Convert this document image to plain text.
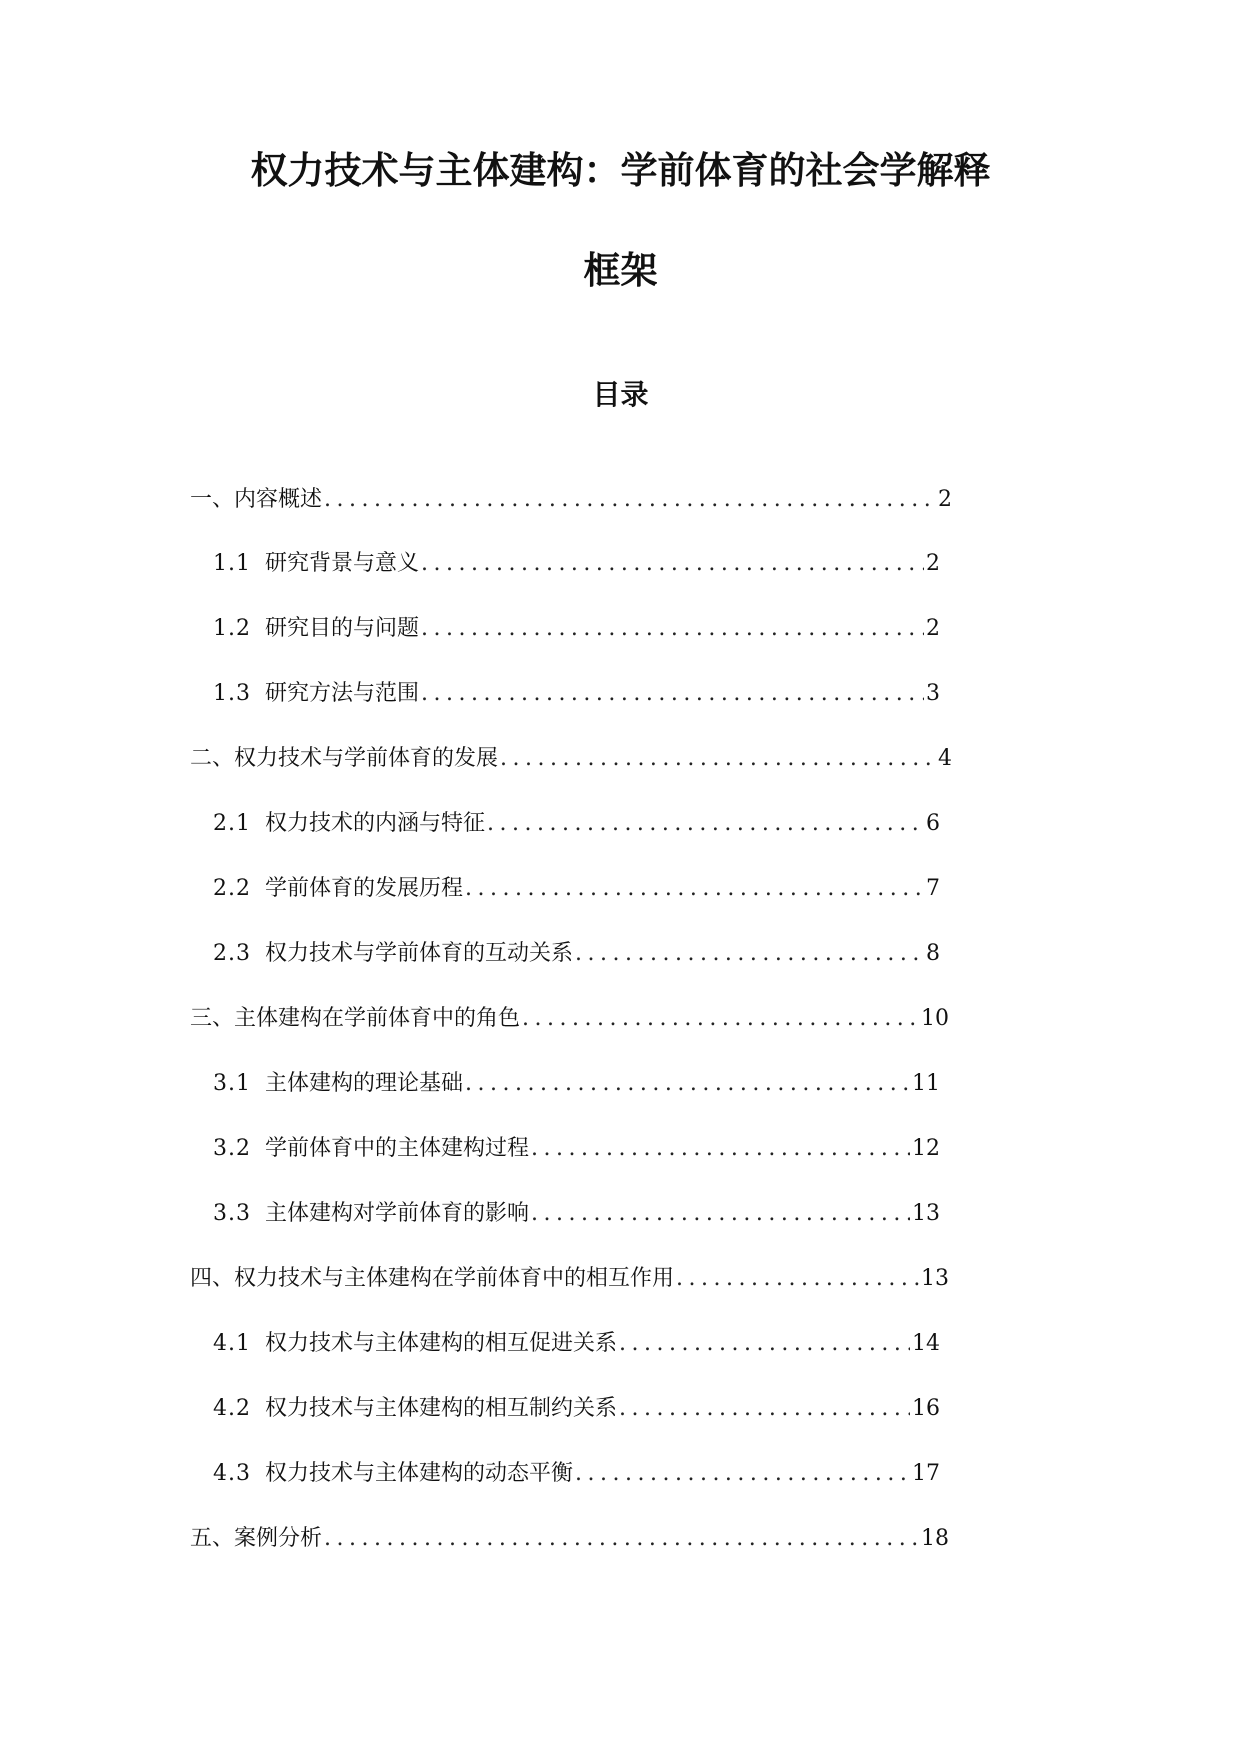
权力技术与主体建构：学前体育的社会学解释
框架
目录
一、内容概述 .....	2
1.1 研究背景与意义 .....	2
1.2 研究目的与问题 .....	2
1.3 研究方法与范围 .....	3
二、权力技术与学前体育的发展 .....	4
2.1 权力技术的内涵与特征 .....	6
2.2 学前体育的发展历程 .....	7
2.3 权力技术与学前体育的互动关系 .....	8
三、主体建构在学前体育中的角色 .....	10
3.1 主体建构的理论基础 .....	11
3.2 学前体育中的主体建构过程 .....	12
3.3 主体建构对学前体育的影响 .....	13
四、权力技术与主体建构在学前体育中的相互作用 .....	13
4.1 权力技术与主体建构的相互促进关系 .....	14
4.2 权力技术与主体建构的相互制约关系 .....	16
4.3 权力技术与主体建构的动态平衡 .....	17
五、案例分析 .....	18
